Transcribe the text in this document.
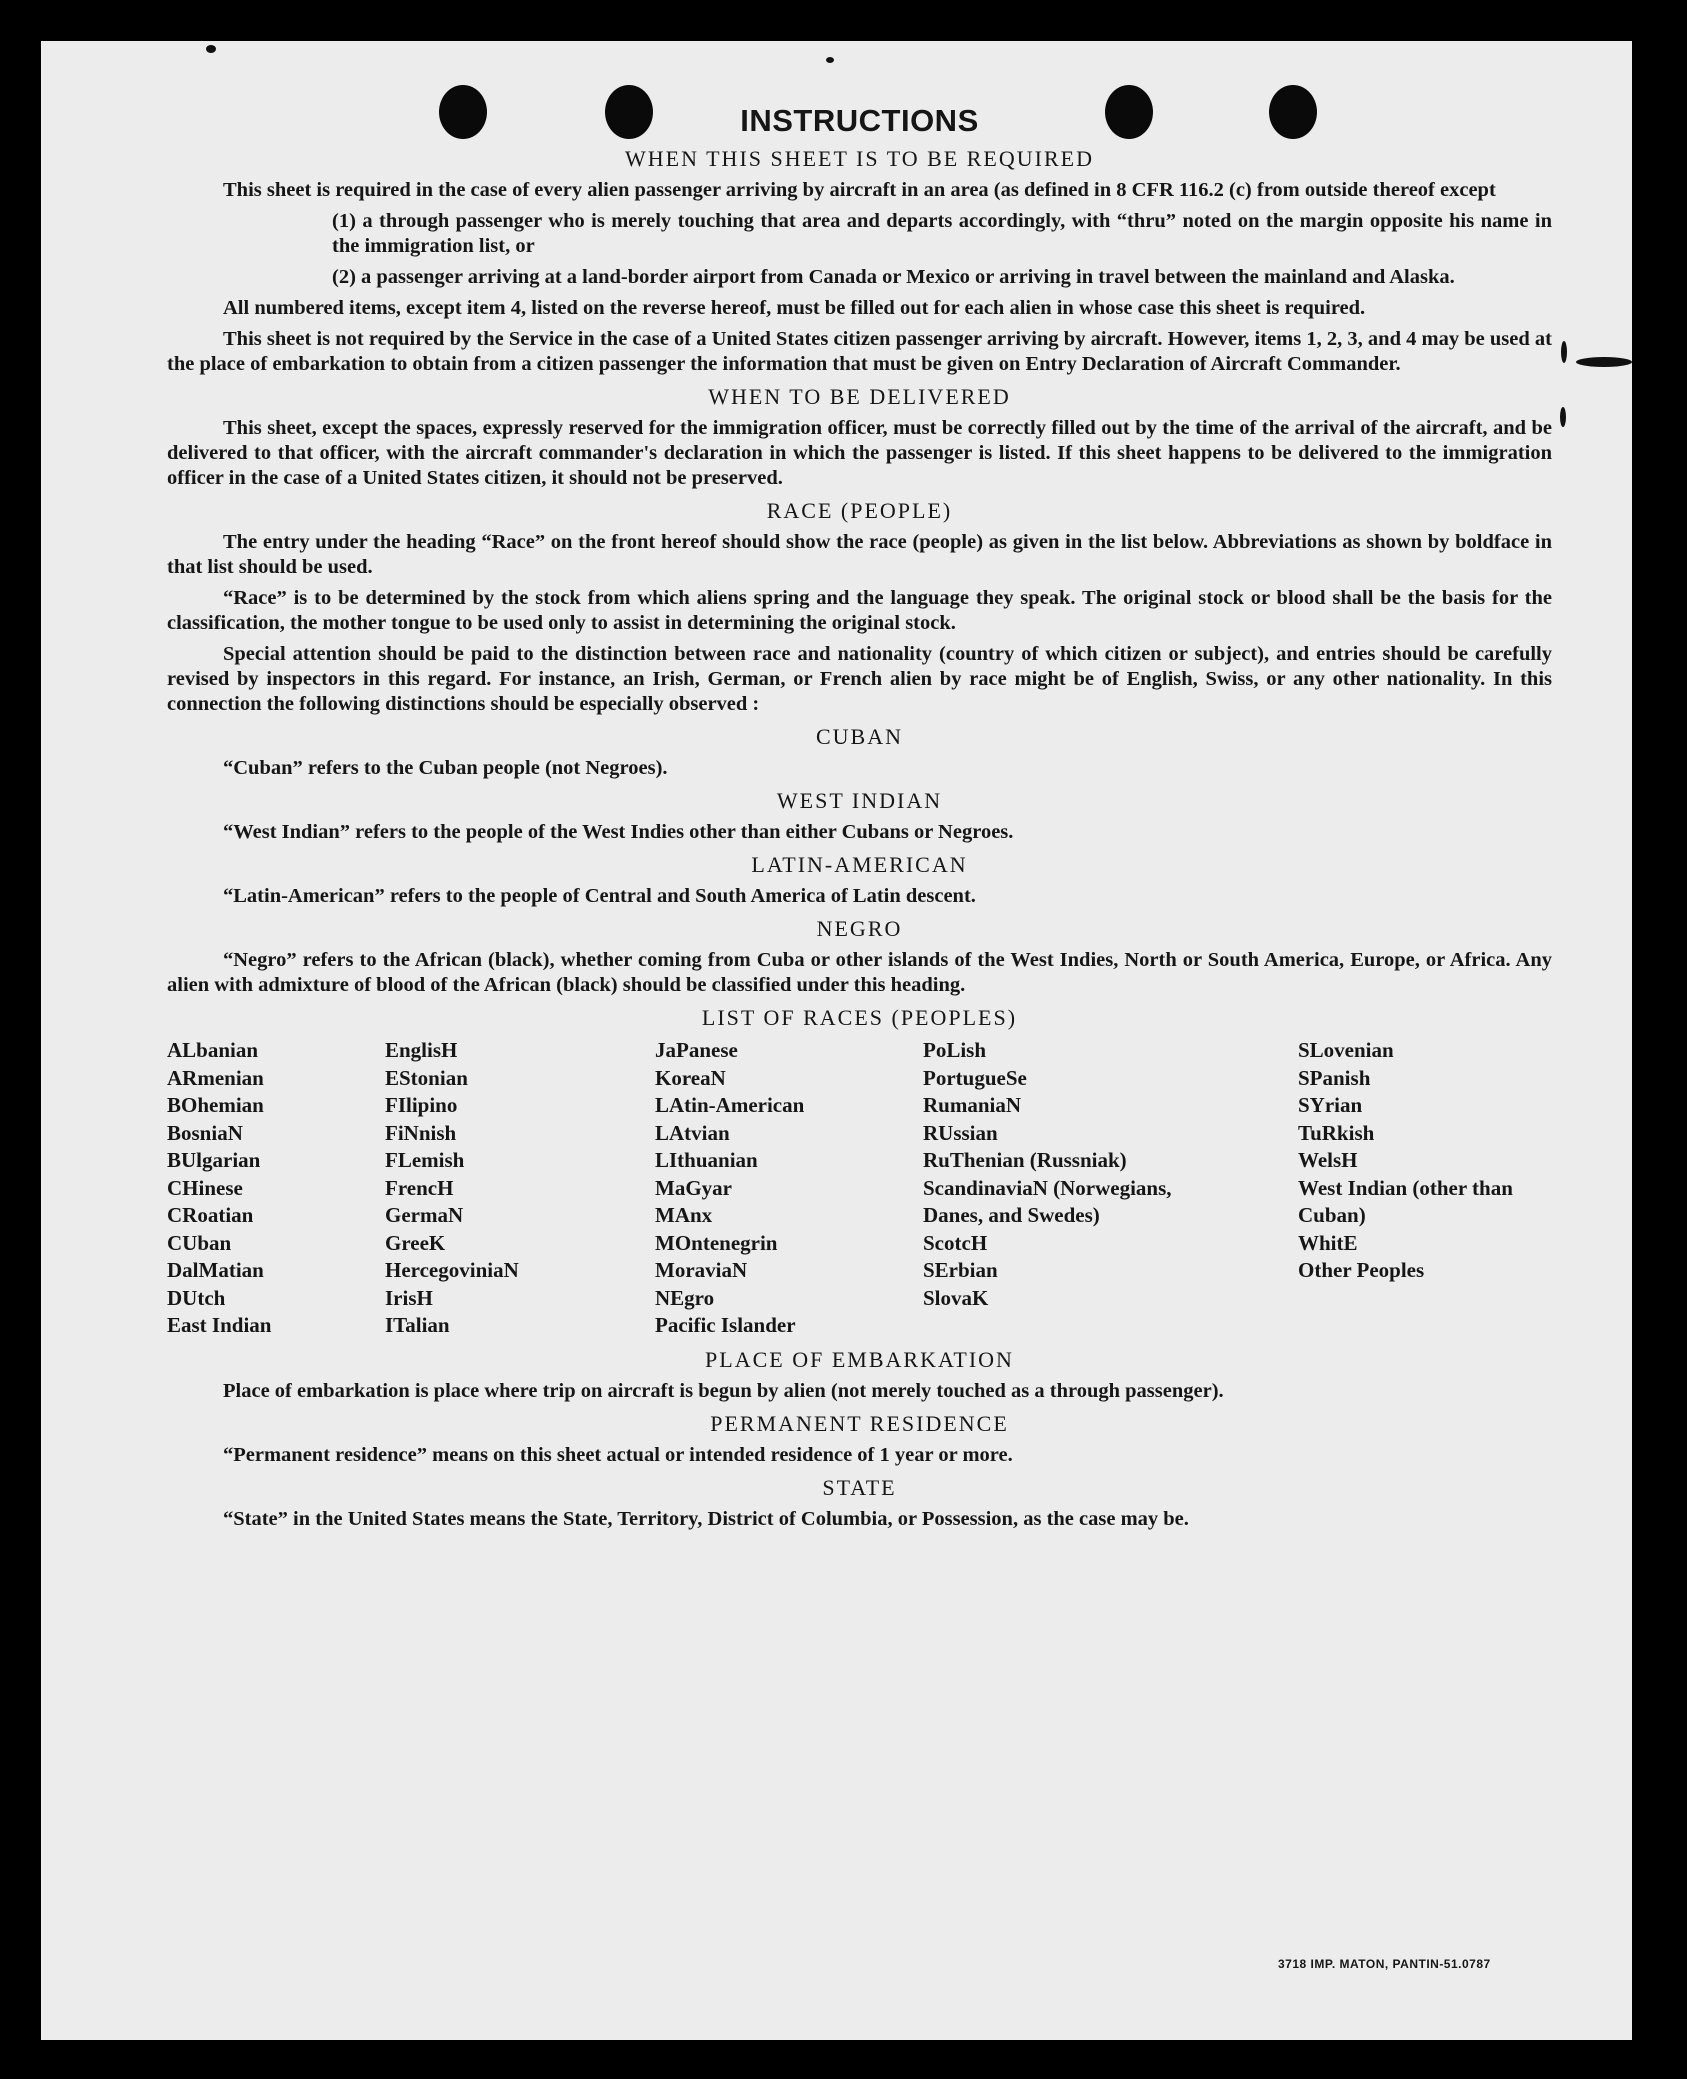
INSTRUCTIONS
WHEN THIS SHEET IS TO BE REQUIRED

This sheet is required in the case of every alien passenger arriving by aircraft in an area (as defined in 8 CFR 116.2 (c) from outside thereof except

(1) a through passenger who is merely touching that area and departs accordingly, with “thru” noted on the margin opposite his name in the immigration list, or

(2) a passenger arriving at a land-border airport from Canada or Mexico or arriving in travel between the mainland and Alaska.

All numbered items, except item 4, listed on the reverse hereof, must be filled out for each alien in whose case this sheet is required.

This sheet is not required by the Service in the case of a United States citizen passenger arriving by aircraft. However, items 1, 2, 3, and 4 may be used at the place of embarkation to obtain from a citizen passenger the information that must be given on Entry Declaration of Aircraft Commander.

WHEN TO BE DELIVERED

This sheet, except the spaces, expressly reserved for the immigration officer, must be correctly filled out by the time of the arrival of the aircraft, and be delivered to that officer, with the aircraft commander's declaration in which the passenger is listed. If this sheet happens to be delivered to the immigration officer in the case of a United States citizen, it should not be preserved.

RACE (PEOPLE)

The entry under the heading “Race” on the front hereof should show the race (people) as given in the list below. Abbreviations as shown by boldface in that list should be used.

“Race” is to be determined by the stock from which aliens spring and the language they speak. The original stock or blood shall be the basis for the classification, the mother tongue to be used only to assist in determining the original stock.

Special attention should be paid to the distinction between race and nationality (country of which citizen or subject), and entries should be carefully revised by inspectors in this regard. For instance, an Irish, German, or French alien by race might be of English, Swiss, or any other nationality. In this connection the following distinctions should be especially observed :

CUBAN

“Cuban” refers to the Cuban people (not Negroes).

WEST INDIAN

“West Indian” refers to the people of the West Indies other than either Cubans or Negroes.

LATIN-AMERICAN

“Latin-American” refers to the people of Central and South America of Latin descent.

NEGRO

“Negro” refers to the African (black), whether coming from Cuba or other islands of the West Indies, North or South America, Europe, or Africa. Any alien with admixture of blood of the African (black) should be classified under this heading.

LIST OF RACES (PEOPLES)
ALbanian
ARmenian
BOhemian
BosniaN
BUlgarian
CHinese
CRoatian
CUban
DalMatian
DUtch
East Indian
EnglisH
EStonian
FIlipino
FiNnish
FLemish
FrencH
GermaN
GreeK
HercegoviniaN
IrisH
ITalian
JaPanese
KoreaN
LAtin-American
LAtvian
LIthuanian
MaGyar
MAnx
MOntenegrin
MoraviaN
NEgro
Pacific Islander
PoLish
PortugueSe
RumaniaN
RUssian
RuThenian (Russniak)
ScandinaviaN (Norwegians, Danes, and Swedes)
ScotcH
SErbian
SlovaK
SLovenian
SPanish
SYrian
TuRkish
WelsH
West Indian (other than Cuban)
WhitE
Other Peoples
PLACE OF EMBARKATION

Place of embarkation is place where trip on aircraft is begun by alien (not merely touched as a through passenger).

PERMANENT RESIDENCE

“Permanent residence” means on this sheet actual or intended residence of 1 year or more.

STATE

“State” in the United States means the State, Territory, District of Columbia, or Possession, as the case may be.

3718 IMP. MATON, PANTIN-51.0787
